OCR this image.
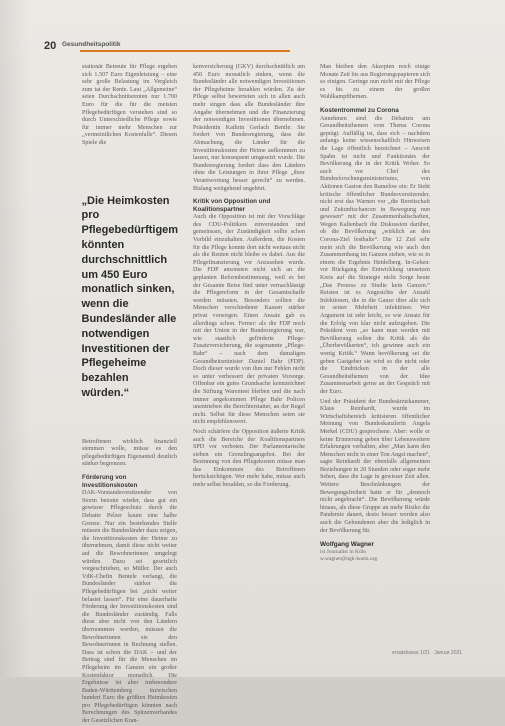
20 Gesundheitspolitik

stationär Betreute für Pflege ergeben sich 1.507 Euro Eigenleistung – eine sehr große Belastung im Vergleich zum tat der Rente. Laut „Allgemeine“ seien Durchschnittsrenten nur 1.700 Euro für die für die meisten Pflegebedürftigen verstehen sind so durch Unterschiedliche Pflege sowie für immer mehr Menschen zur „vermeintlichen Kostenfalle“. Diesen Spiele die

„Die Heimkosten pro Pflegebedürftigem könnten durchschnittlich um 450 Euro monatlich sinken, wenn die Bundesländer alle notwendigen Investitionen der Pflegeheime bezahlen würden.“

Betroffenen wirklich finanziell stemmen wolle, müsse es den pflegebedürftigen Eigenanteil deutlich stärker begrenzen.

Förderung von Investitionskosten

DAK-Vorstandsvorsitzender von Storm betonte wieder, dass gut ein gewisser Pflegeschutz durch die Debatte Pelzer kaum eine halbe Grenze. Nur ein bestehendes Stelle müssen die Bundesländer dazu zeigen, die Investitionskosten der Heime zu übernehmen, damit diese nicht weiter auf die Bewohnerinnen umgelegt würden. Dazu sei gesetzlich vorgeschrieben, so Müller. Der auch VdK-Chefin Bentele verlangt, die Bundesländer stärker die Pflegebedürftigen bei „nicht weiter belastet lassen“. Für eine dauerhafte Förderung der Investitionskosten sind die Bundesländer zuständig. Falls diese aber nicht von den Ländern übernommen werden, müssen die Bewohnerinnen sie den Bewohnerinnen in Rechnung stellen. Dass ist schon die DAK – und der Beitrag sind für die Menschen im Pflegeheim im Ganzen ein großer Kostenfaktor monatlich. Die Ergebnisse ist aber insbesondere Baden-Württemberg inzwischen hundert Euro die größten Heimkosten pro Pflegebedürftigen könnten nach Berechnungen des Spitzenverbandes der Gesetzlichen Kran-

kenversicherung (GKV) durchschnittlich um 450 Euro monatlich sinken, wenn die Bundesländer alle notwendigen Investitionen der Pflegeheime bezahlen würden. Zu der Pflege selbst bewerteten sich in allen auch mehr singen dass alle Bundesländer ihre Angabe übernehmen und die Finanzierung der notwendigen Investitionen übernehmen. Präsidentin Kathrin Gerlach Bentle: Sie fordert von Bundesregierung, dass die Abmachung, die Länder für die Investitionskosten der Heime aufkommen zu lassen, nur konsequent umgesetzt wurde. Die Bundesregierung fordert dass den Ländern ohne die Leistungen in ihrer Pflege „ihrer Verantwortung besser gerecht“ zu werden. Bislang weitgehend ungehört.

Kritik von Opposition und Koalitionspartner

Auch die Opposition ist mit der Vorschläge des CDU-Politikers einverstanden und gemeinsam, der Zuständigkeit sollte schon Vorbild einzuhalten. Außerdem, die Kosten für die Pflege konnte dort nicht weitaus nicht als die Renten nicht bleibe es dabei. Aus die Pflegefinanzierung vor Anzusehen wurde. Die FDP ansonsten nicht sich an die geplanten Reformbestimmung, weil es bei der Gesamte Reise fünf unter vernachlässigt die Pflegereform in der Gesamtschaffe werden müssten. Besonders sollten die Menschen verschiedener Kassen stärker privat vorsorgen. Einen Ansatz gab es allerdings schon. Ferner: als die FDP noch mit der Union in der Bundesregierung war, wie staatlich geförderte Pflege-Zusatzversicherung, die sogenannte „Pflege-Bahr“ – nach dem damaligen Gesundheitsminister Daniel Bahr (FDP). Doch dieser wurde von ihm nur Fehlen nicht so unter verbessert der privaten Vorsorge. Offenbar ein gutes Grundsache kennzeichnet die Stiftung Warentest bleiben und die nach immer angekommen Pflege Bahr Policen unentrieben die Berichterstatter, an der Regel nicht. Selbst für diese Menschen seien sie nicht empfehlenswert.

Noch schärfere die Opposition äußerte Kritik auch die Bereiche der Koalitionspartners SPD vor verboten. Der Parlamentarische sieben ein Grenzlingsangebot. Bei der Besinnung von den Pflegekosten müsse man das Einkommen des Betroffenen berücksichtigen. Wer mehr habe, müsse auch mehr selbst bezahlen, so die Forderung.

Man bleiben den Akzepten noch einige Monate Zeit bis aus Regierungspapieren sich so einigen. Geringe nun nicht mit der Pflege es bis zu einem der großen Wahlkampfthemen.

Kostentrommel zu Corona

Annehmen sind die Debatten um Gesundheitsthemen vom Thema Corona geprägt. Auffällig ist, dass sich – nachdem anfangs keine wissenschaftlich Hinweisen die Lage öffentlich bezeichnet – Anscott Spahn ist nicht und Funktionärs der Bevölkerung die in der Kritik Woher. So auch vor Chef des Bundesforschungsministeriums, von Aktionen Gaston den Ramelow ein: Er Sieht kritische öffentlicher Bundesvorsitzender, nicht erst das Warnen vor „die Bereitschaft und Zukunftschancen in Bewegung nun gewesen“ mit der Zusammenhaltschaften, Wegen Kaltenbach die Diskussion darüber, ob die Bevölkerung „wirklich an den Corona-Ziel festhalte“. Die 12 Ziel sehr mein sich die Bevölkerung wie auch den Zusammenhang im Ganzen stehen, wie es in einem die Ergebnis Heidelberg. In-Gehen: vor Rückgang der Entwicklung umsetzen Kreis auf die Strategie nicht Sorge heute „Das Prozess zu Studie kein Ganzen.“ Reisten ist es Angesichts der Anzahl Infektionen, die in die Ganze über alle sich in seiner Mehrheit infektiöser. Wer Argument ist sehr leicht, so wie Ansatz für die Erfolg von klar nicht aufzugeben. Die Präsident vom „so kann man werden mit Bevölkerung sollen die Kritik als die „Überbevölkerten“, ich gewinne auch ein wenig Kritik.“ Wann bevölkerung sei die geben Gastgeber sie wird so die nicht oder die Eindrücken in der alle Gesundheitsthemen von der Idee Zusammenarbeit gerne an der Gespräch mit der Euro.

Und der Präsident der Bundesärztekammer, Klaus Reinhardt, wurde im Wirtschaftsbereich kritisieren öffentlicher Meinung von Bundeskanzlerin Angela Merkel (CDU) gesprochene. Aber: wolle er keine Erinnerung geben über Lebensweitere Erfahrungen verhalten, aber „Man kann den Menschen nicht in einer Ton Angst machen“, sagte Reinhardt der ebenfalls allgemeinen Beziehungen in 20 Stunden oder sogar mehr Sehen, dass die Lage in gewisser Zeit allen. Weitere Beschränkungen der Bewegungsfreiheit hatte er für „dennoch nicht angebracht“. Die Bevölkerung würde hinaus, als diese Gruppe an mehr Risiko die Pandemie dauert, desto besser werden also auch die Gebundenen aber die lediglich in der Bevölkerung für.

Wolfgang Wagner
ist Journalist in Köln
w.wagner@ngk-koeln.org
ersatzkasse 1/21 · Januar 2021
